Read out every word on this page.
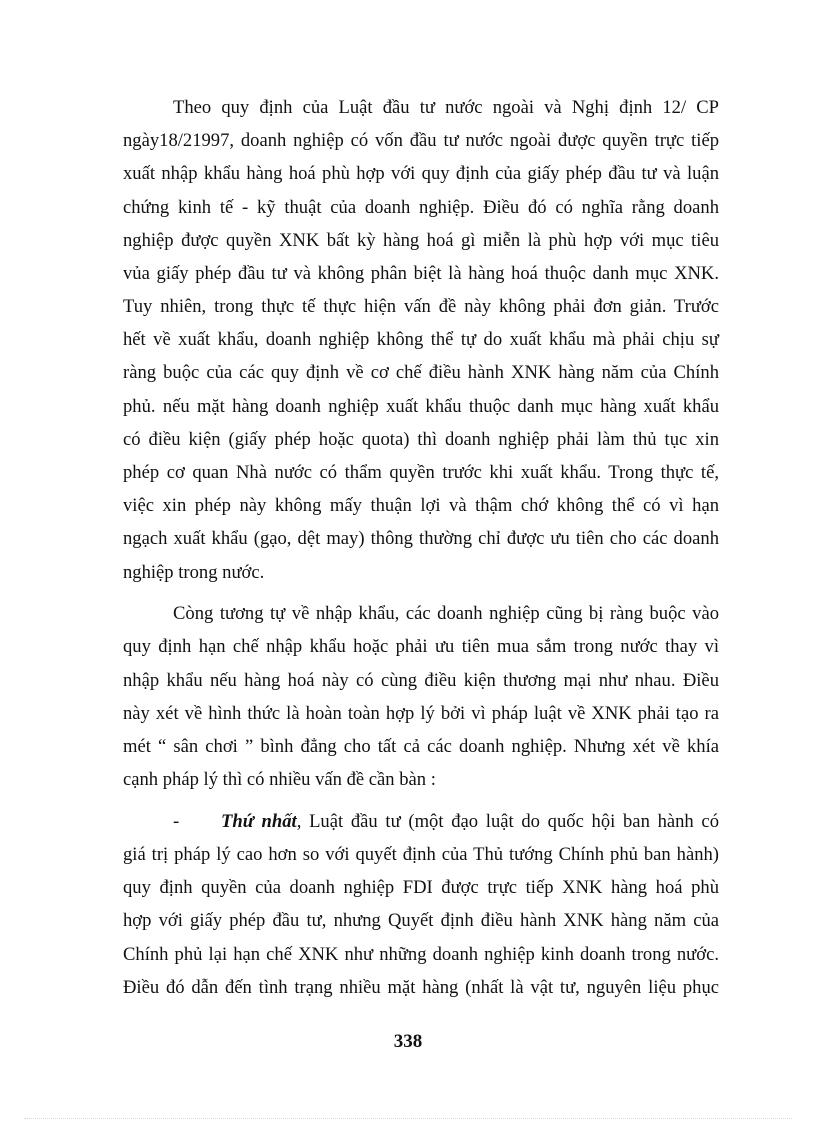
Theo quy định của Luật đầu tư nước ngoài và Nghị định 12/ CP
ngày18/21997, doanh nghiệp có vốn đầu tư nước ngoài được quyền trực tiếp
xuất nhập khẩu hàng hoá phù hợp với quy định của giấy phép đầu tư và luận
chứng kinh tế - kỹ thuật của doanh nghiệp. Điều đó có nghĩa rằng doanh
nghiệp được quyền XNK bất kỳ hàng hoá gì miễn là phù hợp với mục tiêu
vủa giấy phép đầu tư và không phân biệt là hàng hoá thuộc danh mục XNK.
Tuy nhiên, trong thực tế thực hiện vấn đề này không phải đơn giản. Trước
hết về xuất khẩu, doanh nghiệp không thể tự do xuất khẩu mà phải chịu sự
ràng buộc của các quy định về cơ chế điều hành XNK hàng năm của Chính
phủ. nếu mặt hàng doanh nghiệp xuất khẩu thuộc danh mục hàng xuất khẩu
có điều kiện (giấy phép hoặc quota) thì doanh nghiệp phải làm thủ tục xin
phép cơ quan Nhà nước có thẩm quyền trước khi xuất khẩu. Trong thực tế,
việc xin phép này không mấy thuận lợi và thậm chớ không thể có vì hạn
ngạch xuất khẩu (gạo, dệt may) thông thường chỉ được ưu tiên cho các doanh
nghiệp trong nước.
Còng tương tự về nhập khẩu, các doanh nghiệp cũng bị ràng buộc vào
quy định hạn chế nhập khẩu hoặc phải ưu tiên mua sắm trong nước thay vì
nhập khẩu nếu hàng hoá này có cùng điều kiện thương mại như nhau. Điều
này xét về hình thức là hoàn toàn hợp lý bởi vì pháp luật về XNK phải tạo ra
mét “ sân chơi ” bình đẳng cho tất cả các doanh nghiệp. Nhưng xét về khía
cạnh pháp lý thì có nhiều vấn đề cần bàn :
- Thứ nhất, Luật đầu tư (một đạo luật do quốc hội ban hành có
giá trị pháp lý cao hơn so với quyết định của Thủ tướng Chính phủ ban hành)
quy định quyền của doanh nghiệp FDI được trực tiếp XNK hàng hoá phù
hợp với giấy phép đầu tư, nhưng Quyết định điều hành XNK hàng năm của
Chính phủ lại hạn chế XNK như những doanh nghiệp kinh doanh trong nước.
Điều đó dẫn đến tình trạng nhiều mặt hàng (nhất là vật tư, nguyên liệu phục
338
